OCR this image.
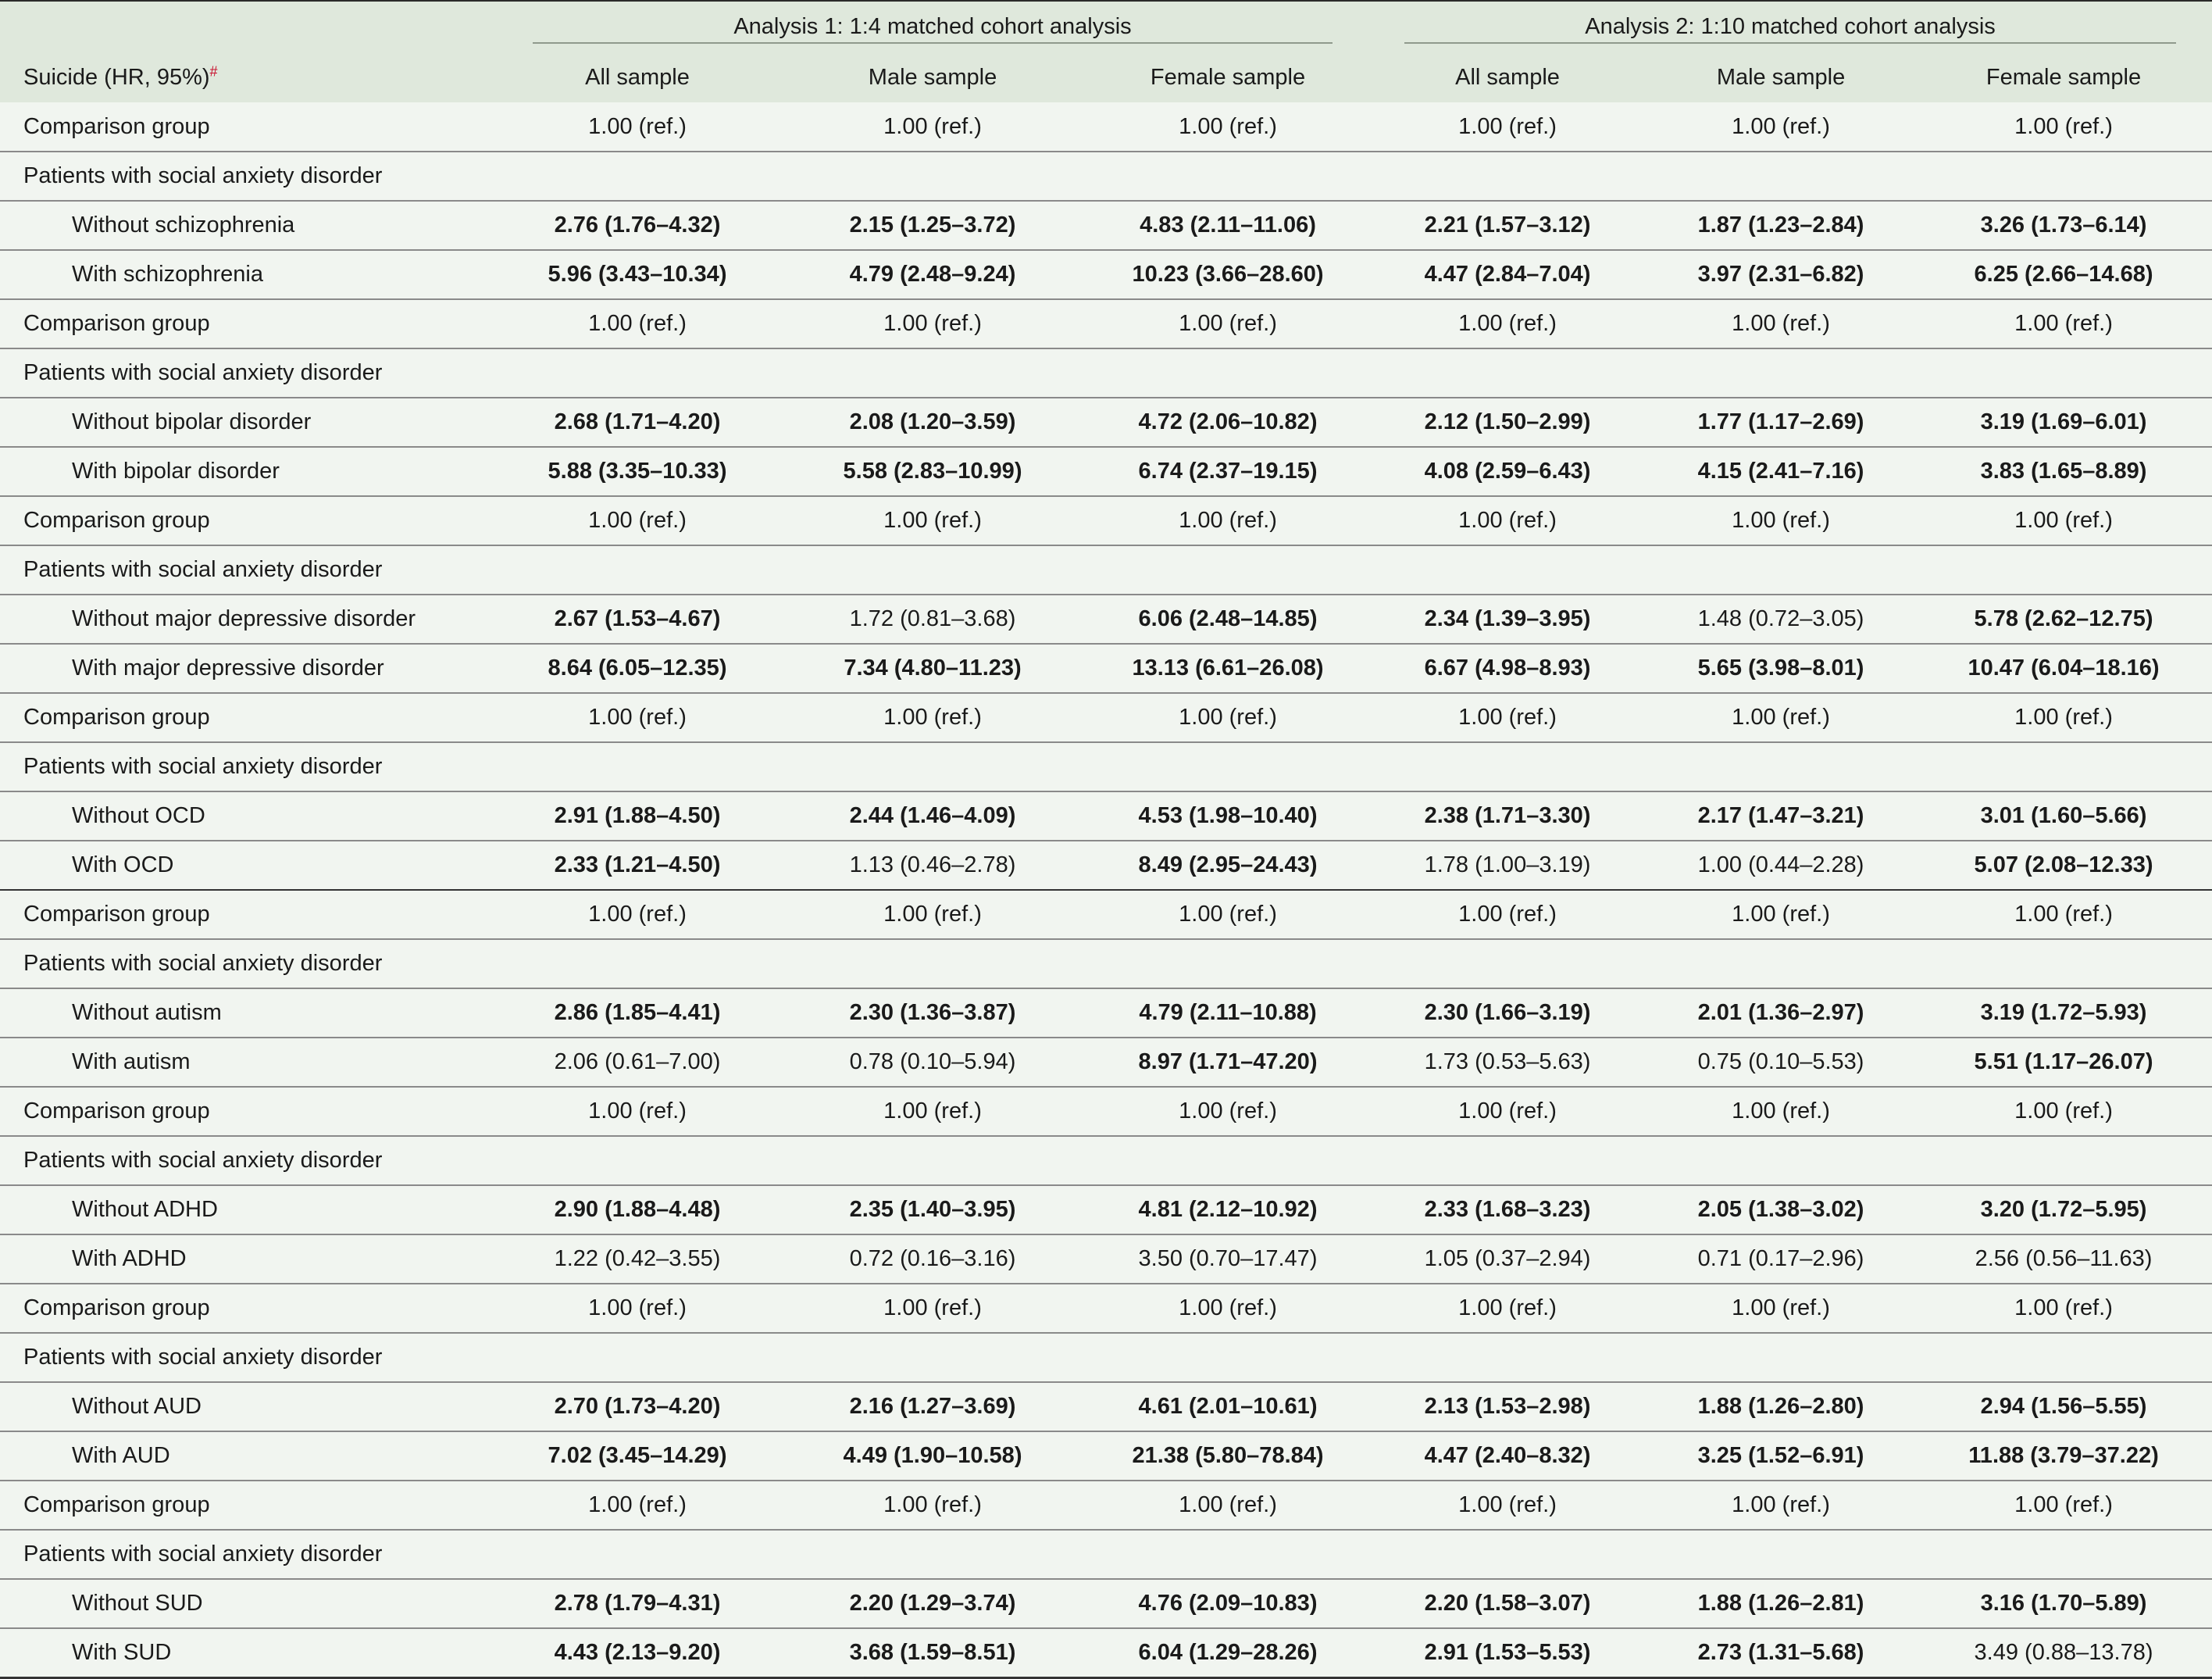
	Analysis 1: 1:4 matched cohort analysis			Analysis 2: 1:10 matched cohort analysis		

Suicide (HR, 95%)#	All sample	Male sample	Female sample	All sample	Male sample	Female sample
Comparison group	1.00 (ref.)	1.00 (ref.)	1.00 (ref.)	1.00 (ref.)	1.00 (ref.)	1.00 (ref.)
Patients with social anxiety disorder						
Without schizophrenia	2.76 (1.76–4.32)	2.15 (1.25–3.72)	4.83 (2.11–11.06)	2.21 (1.57–3.12)	1.87 (1.23–2.84)	3.26 (1.73–6.14)
With schizophrenia	5.96 (3.43–10.34)	4.79 (2.48–9.24)	10.23 (3.66–28.60)	4.47 (2.84–7.04)	3.97 (2.31–6.82)	6.25 (2.66–14.68)
Comparison group	1.00 (ref.)	1.00 (ref.)	1.00 (ref.)	1.00 (ref.)	1.00 (ref.)	1.00 (ref.)
Patients with social anxiety disorder						
Without bipolar disorder	2.68 (1.71–4.20)	2.08 (1.20–3.59)	4.72 (2.06–10.82)	2.12 (1.50–2.99)	1.77 (1.17–2.69)	3.19 (1.69–6.01)
With bipolar disorder	5.88 (3.35–10.33)	5.58 (2.83–10.99)	6.74 (2.37–19.15)	4.08 (2.59–6.43)	4.15 (2.41–7.16)	3.83 (1.65–8.89)
Comparison group	1.00 (ref.)	1.00 (ref.)	1.00 (ref.)	1.00 (ref.)	1.00 (ref.)	1.00 (ref.)
Patients with social anxiety disorder						
Without major depressive disorder	2.67 (1.53–4.67)	1.72 (0.81–3.68)	6.06 (2.48–14.85)	2.34 (1.39–3.95)	1.48 (0.72–3.05)	5.78 (2.62–12.75)
With major depressive disorder	8.64 (6.05–12.35)	7.34 (4.80–11.23)	13.13 (6.61–26.08)	6.67 (4.98–8.93)	5.65 (3.98–8.01)	10.47 (6.04–18.16)
Comparison group	1.00 (ref.)	1.00 (ref.)	1.00 (ref.)	1.00 (ref.)	1.00 (ref.)	1.00 (ref.)
Patients with social anxiety disorder						
Without OCD	2.91 (1.88–4.50)	2.44 (1.46–4.09)	4.53 (1.98–10.40)	2.38 (1.71–3.30)	2.17 (1.47–3.21)	3.01 (1.60–5.66)
With OCD	2.33 (1.21–4.50)	1.13 (0.46–2.78)	8.49 (2.95–24.43)	1.78 (1.00–3.19)	1.00 (0.44–2.28)	5.07 (2.08–12.33)
Comparison group	1.00 (ref.)	1.00 (ref.)	1.00 (ref.)	1.00 (ref.)	1.00 (ref.)	1.00 (ref.)
Patients with social anxiety disorder						
Without autism	2.86 (1.85–4.41)	2.30 (1.36–3.87)	4.79 (2.11–10.88)	2.30 (1.66–3.19)	2.01 (1.36–2.97)	3.19 (1.72–5.93)
With autism	2.06 (0.61–7.00)	0.78 (0.10–5.94)	8.97 (1.71–47.20)	1.73 (0.53–5.63)	0.75 (0.10–5.53)	5.51 (1.17–26.07)
Comparison group	1.00 (ref.)	1.00 (ref.)	1.00 (ref.)	1.00 (ref.)	1.00 (ref.)	1.00 (ref.)
Patients with social anxiety disorder						
Without ADHD	2.90 (1.88–4.48)	2.35 (1.40–3.95)	4.81 (2.12–10.92)	2.33 (1.68–3.23)	2.05 (1.38–3.02)	3.20 (1.72–5.95)
With ADHD	1.22 (0.42–3.55)	0.72 (0.16–3.16)	3.50 (0.70–17.47)	1.05 (0.37–2.94)	0.71 (0.17–2.96)	2.56 (0.56–11.63)
Comparison group	1.00 (ref.)	1.00 (ref.)	1.00 (ref.)	1.00 (ref.)	1.00 (ref.)	1.00 (ref.)
Patients with social anxiety disorder						
Without AUD	2.70 (1.73–4.20)	2.16 (1.27–3.69)	4.61 (2.01–10.61)	2.13 (1.53–2.98)	1.88 (1.26–2.80)	2.94 (1.56–5.55)
With AUD	7.02 (3.45–14.29)	4.49 (1.90–10.58)	21.38 (5.80–78.84)	4.47 (2.40–8.32)	3.25 (1.52–6.91)	11.88 (3.79–37.22)
Comparison group	1.00 (ref.)	1.00 (ref.)	1.00 (ref.)	1.00 (ref.)	1.00 (ref.)	1.00 (ref.)
Patients with social anxiety disorder						
Without SUD	2.78 (1.79–4.31)	2.20 (1.29–3.74)	4.76 (2.09–10.83)	2.20 (1.58–3.07)	1.88 (1.26–2.81)	3.16 (1.70–5.89)
With SUD	4.43 (2.13–9.20)	3.68 (1.59–8.51)	6.04 (1.29–28.26)	2.91 (1.53–5.53)	2.73 (1.31–5.68)	3.49 (0.88–13.78)
